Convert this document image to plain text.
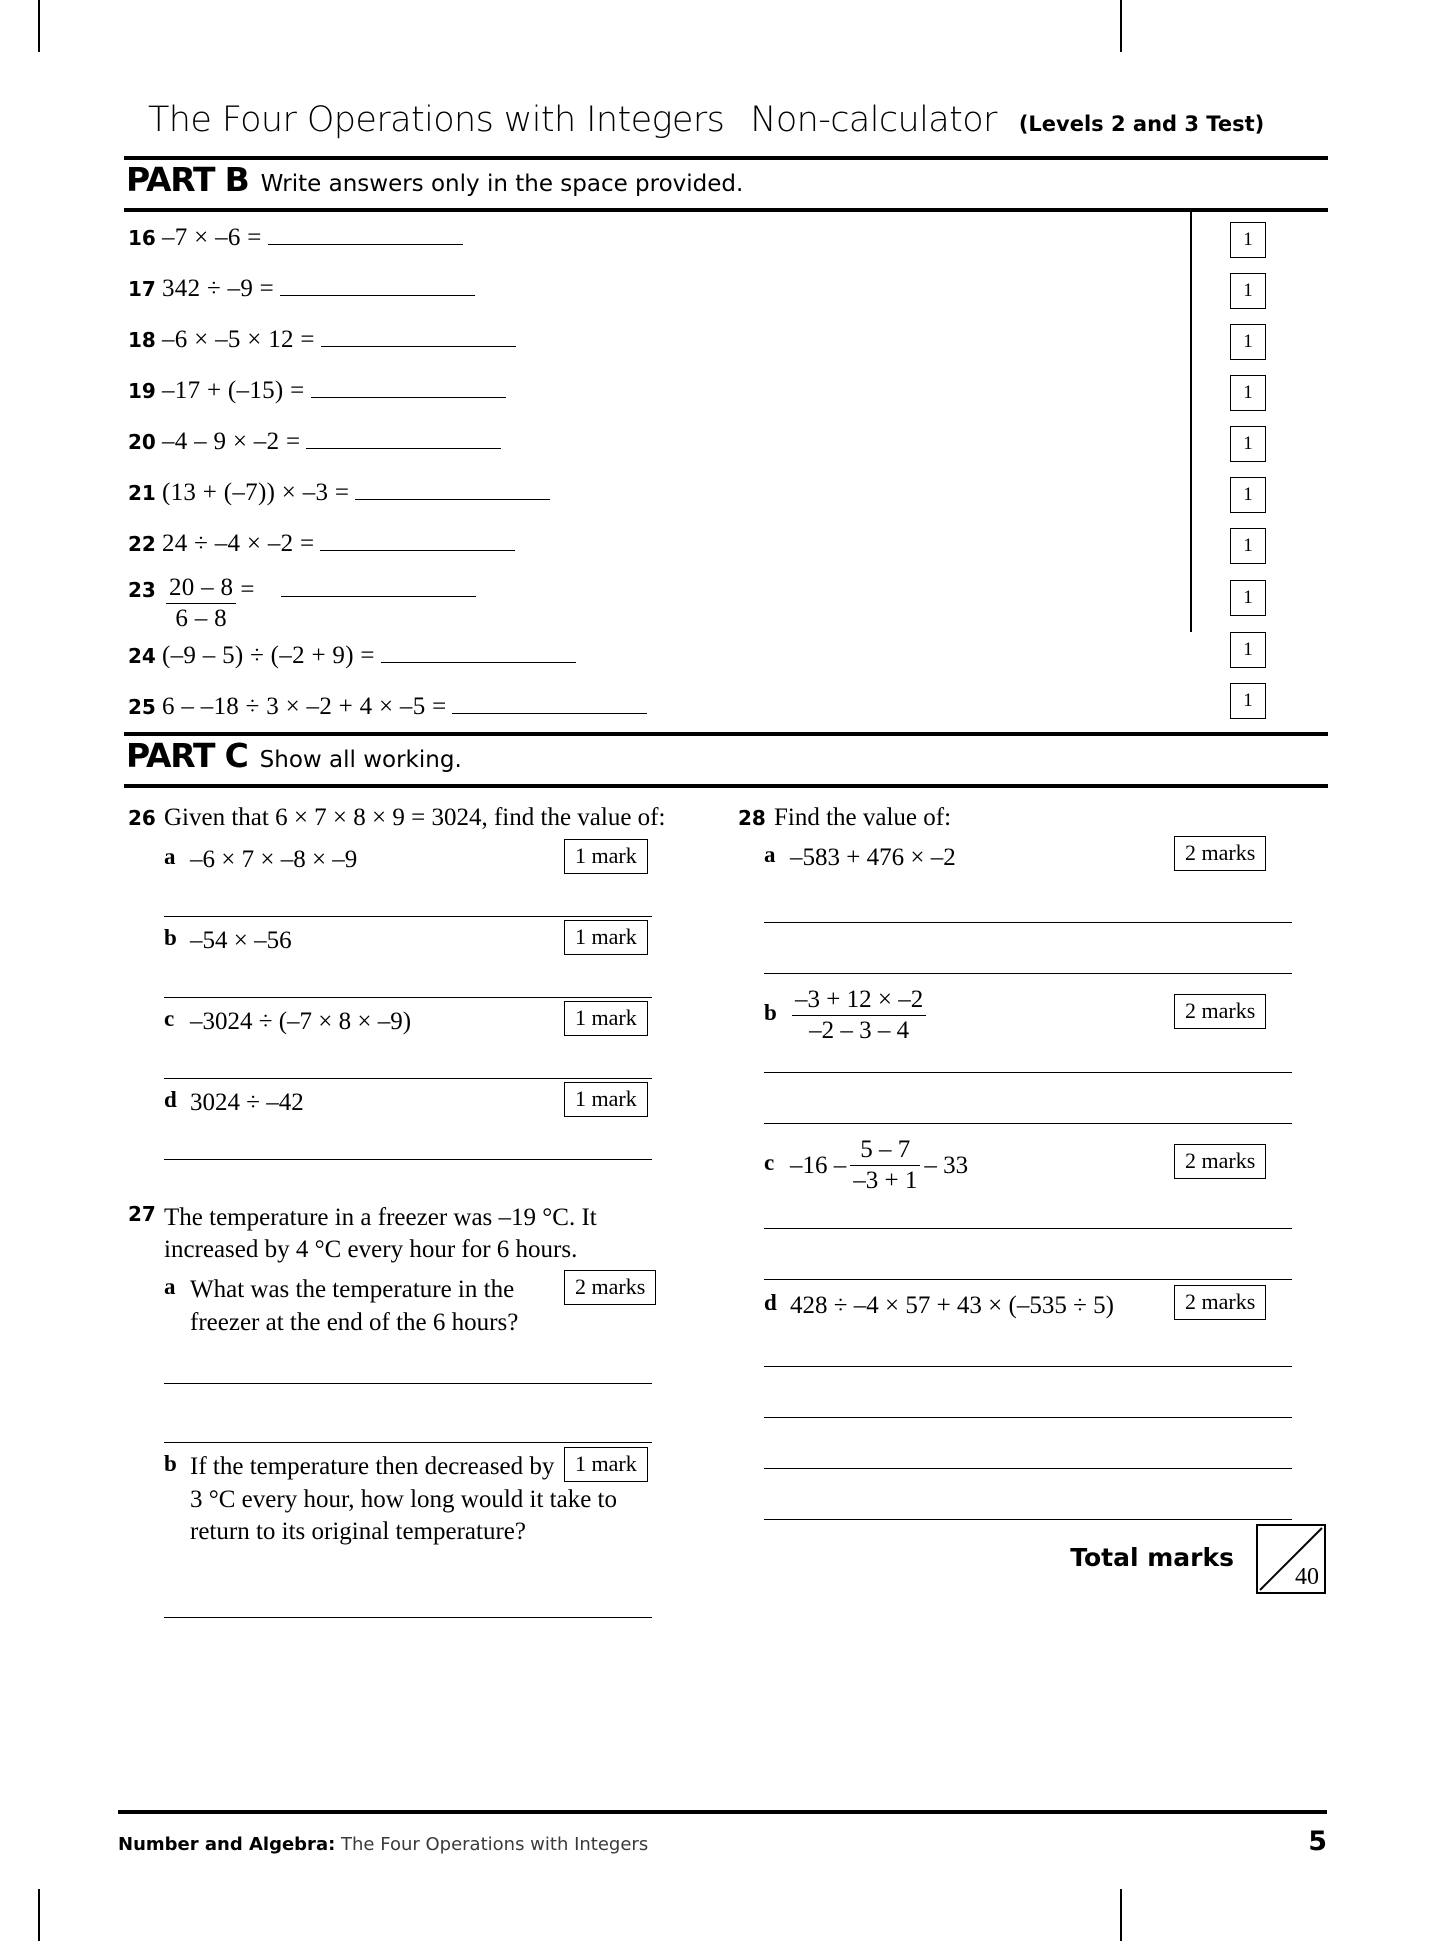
The Four Operations with Integers Non-calculator (Levels 2 and 3 Test)
PART B Write answers only in the space provided.
16 –7 × –6 =	1
17 342 ÷ –9 =	1
18 –6 × –5 × 12 =	1
19 –17 + (–15) =	1
20 –4 – 9 × –2 =	1
21 (13 + (–7)) × –3 =	1
22 24 ÷ –4 × –2 =	1
$23 \frac{20 - 8}{6 - 8}$ =	1
24 (–9 – 5) ÷ (–2 + 9) =	1
25 6 – –18 ÷ 3 × –2 + 4 × –5 =	1
PART C Show all working.
26 Given that 6 × 7 × 8 × 9 = 3024, find the value of:
a –6 × 7 × –8 × –9	1 mark
b –54 × –56	1 mark
c –3024 ÷ (–7 × 8 × –9)	1 mark
d 3024 ÷ –42	1 mark
27 The temperature in a freezer was –19 °C. It
increased by 4 °C every hour for 6 hours.
a What was the temperature in the
freezer at the end of the 6 hours?
2 marks
b If the temperature then decreased by
3 °C every hour, how long would it take to
return to its original temperature?
1 mark
28 Find the value of:
a –583 + 476 × –2	2 marks
b $\frac{-3 + 12 \times -2}{-2 - 3 - 4}$	2 marks
c $-16 - \frac{5 - 7}{-3 + 1} - 33$	2 marks
d 428 ÷ –4 × 57 + 43 × (–535 ÷ 5)	2 marks
Total marks
40
Number and Algebra: The Four Operations with Integers	5
